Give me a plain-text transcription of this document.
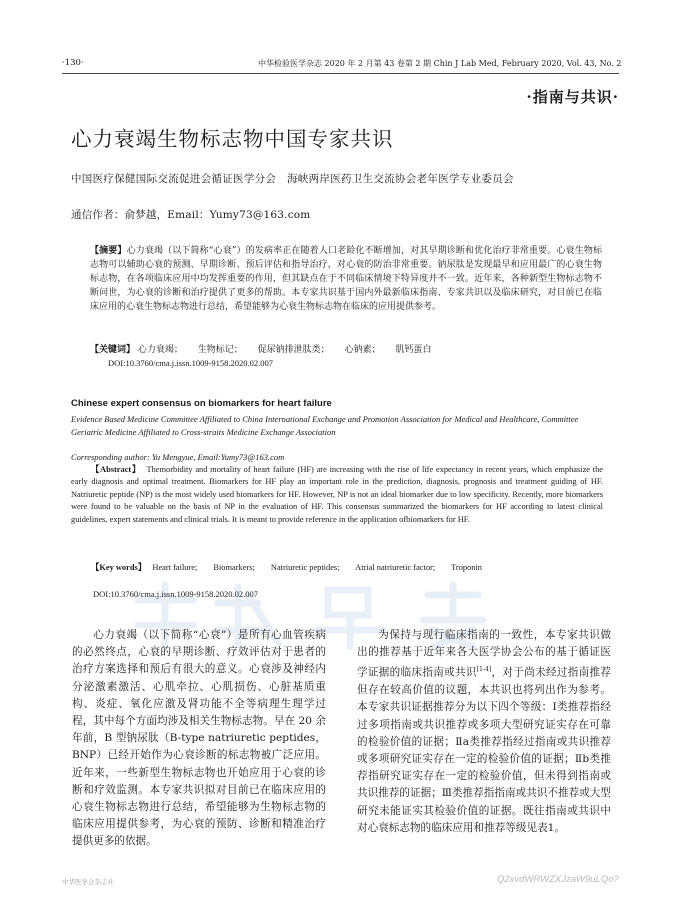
·130·	中华检验医学杂志 2020 年 2 月第 43 卷第 2 期 Chin J Lab Med, February 2020, Vol. 43, No. 2
·指南与共识·
心力衰竭生物标志物中国专家共识
中国医疗保健国际交流促进会循证医学分会　海峡两岸医药卫生交流协会老年医学专业委员会
通信作者：俞梦越，Email：Yumy73@163.com
【摘要】心力衰竭（以下简称“心衰”）的发病率正在随着人口老龄化不断增加，对其早期诊断和优化治疗非常重要。心衰生物标志物可以辅助心衰的预测、早期诊断、预后评估和指导治疗，对心衰的防治非常重要。钠尿肽是发现最早和应用最广的心衰生物标志物，在各项临床应用中均发挥重要的作用，但其缺点在于不同临床情境下特异度并不一致。近年来，各种新型生物标志物不断问世，为心衰的诊断和治疗提供了更多的帮助。本专家共识基于国内外最新临床指南、专家共识以及临床研究，对目前已在临床应用的心衰生物标志物进行总结，希望能够为心衰生物标志物在临床的应用提供参考。
【关键词】 心力衰竭； 生物标记； 促尿钠排泄肽类； 心钠素； 肌钙蛋白
DOI:10.3760/cma.j.issn.1009-9158.2020.02.007
Chinese expert consensus on biomarkers for heart failure
Evidence Based Medicine Committee Affiliated to China International Exchange and Promotion Association for Medical and Healthcare, Committee Geriatric Medicine Affiliated to Cross-straits Medicine Exchange Association
Corresponding author: Yu Mengyue, Email:Yumy73@163.com
【Abstract】 Themorbidity and mortality of heart failure (HF) are increasing with the rise of life expectancy in recent years, which emphasize the early diagnosis and optimal treatment. Biomarkers for HF play an important role in the prediction, diagnosis, prognosis and treatment guiding of HF. Natriuretic peptide (NP) is the most widely used biomarkers for HF. However, NP is not an ideal biomarker due to low specificity. Recently, more biomarkers were found to be valuable on the basis of NP in the evaluation of HF. This consensus summarized the biomarkers for HF according to latest clinical guidelines, expert statements and clinical trials. It is meant to provide reference in the application ofbiomarkers for HF.
【Key words】 Heart failure; Biomarkers; Natriuretic peptides; Atrial natriuretic factor; Troponin
DOI:10.3760/cma.j.issn.1009-9158.2020.02.007

心力衰竭（以下简称“心衰”）是所有心血管疾病的必然终点，心衰的早期诊断、疗效评估对于患者的治疗方案选择和预后有很大的意义。心衰涉及神经内分泌激素激活、心肌牵拉、心肌损伤、心脏基质重构、炎症、氧化应激及肾功能不全等病理生理学过程，其中每个方面均涉及相关生物标志物。早在 20 余年前，B 型钠尿肽（B-type natriuretic peptides，BNP）已经开始作为心衰诊断的标志物被广泛应用。近年来，一些新型生物标志物也开始应用于心衰的诊断和疗效监测。本专家共识拟对目前已在临床应用的心衰生物标志物进行总结，希望能够为生物标志物的临床应用提供参考，为心衰的预防、诊断和精准治疗提供更多的依据。

为保持与现行临床指南的一致性，本专家共识做出的推荐基于近年来各大医学协会公布的基于循证医学证据的临床指南或共识[1-4]，对于尚未经过指南推荐但存在较高价值的议题，本共识也将列出作为参考。本专家共识证据推荐分为以下四个等级：Ⅰ类推荐指经过多项指南或共识推荐或多项大型研究证实存在可靠的检验价值的证据；Ⅱa类推荐指经过指南或共识推荐或多项研究证实存在一定的检验价值的证据；Ⅱb类推荐指研究证实存在一定的检验价值，但未得到指南或共识推荐的证据；Ⅲ类推荐指指南或共识不推荐或大型研究未能证实其检验价值的证据。既往指南或共识中对心衰标志物的临床应用和推荐等级见表1。

中华医学会杂志社	Q2xvdWRWZXJzaW9uLQo?
